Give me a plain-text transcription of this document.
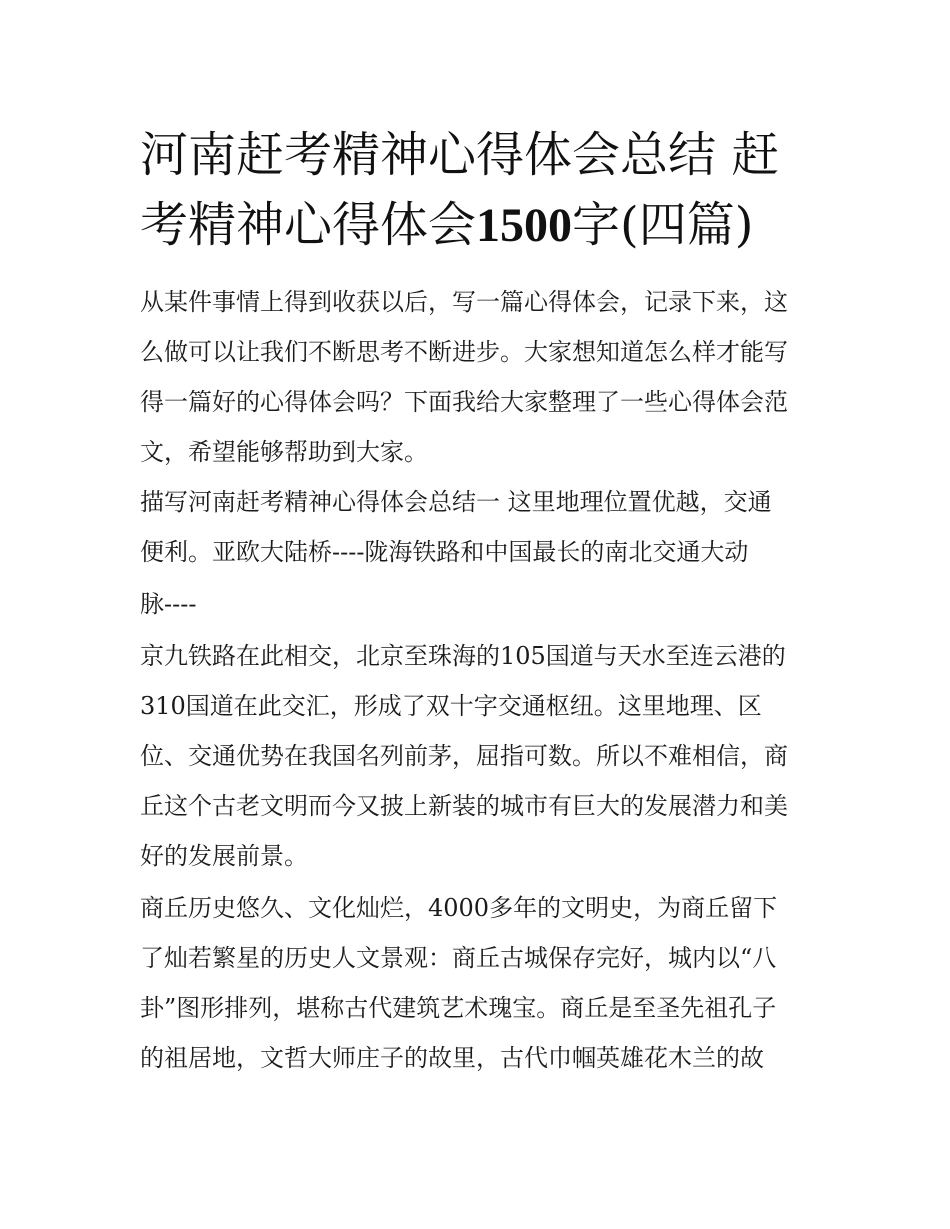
河南赶考精神心得体会总结 赶考精神心得体会1500字(四篇)

从某件事情上得到收获以后，写一篇心得体会，记录下来，这

么做可以让我们不断思考不断进步。大家想知道怎么样才能写

得一篇好的心得体会吗？下面我给大家整理了一些心得体会范

文，希望能够帮助到大家。

描写河南赶考精神心得体会总结一 这里地理位置优越，交通

便利。亚欧大陆桥----陇海铁路和中国最长的南北交通大动

脉----

京九铁路在此相交，北京至珠海的105国道与天水至连云港的

310国道在此交汇，形成了双十字交通枢纽。这里地理、区

位、交通优势在我国名列前茅，屈指可数。所以不难相信，商

丘这个古老文明而今又披上新装的城市有巨大的发展潜力和美

好的发展前景。

商丘历史悠久、文化灿烂，4000多年的文明史，为商丘留下

了灿若繁星的历史人文景观：商丘古城保存完好，城内以“八

卦”图形排列，堪称古代建筑艺术瑰宝。商丘是至圣先祖孔子

的祖居地，文哲大师庄子的故里，古代巾帼英雄花木兰的故
